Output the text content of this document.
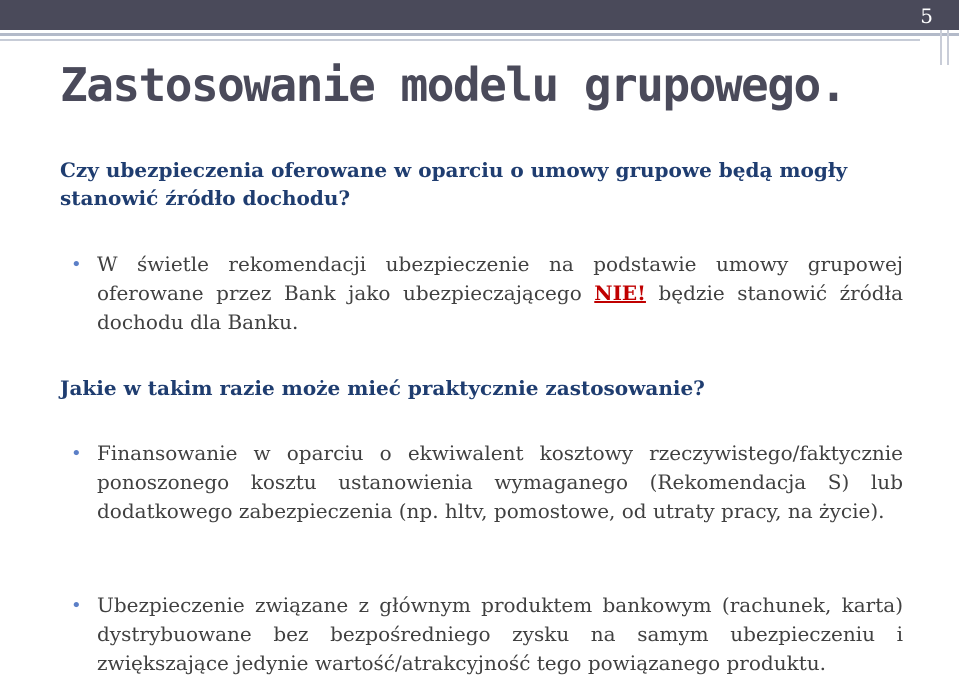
5
Zastosowanie modelu grupowego.

Czy ubezpieczenia oferowane w oparciu o umowy grupowe będą mogły stanowić źródło dochodu?

• W świetle rekomendacji ubezpieczenie na podstawie umowy grupowej oferowane przez Bank jako ubezpieczającego NIE! będzie stanowić źródła dochodu dla Banku.

Jakie w takim razie może mieć praktycznie zastosowanie?

• Finansowanie w oparciu o ekwiwalent kosztowy rzeczywistego/faktycznie ponoszonego kosztu ustanowienia wymaganego (Rekomendacja S) lub dodatkowego zabezpieczenia (np. hltv, pomostowe, od utraty pracy, na życie).

• Ubezpieczenie związane z głównym produktem bankowym (rachunek, karta) dystrybuowane bez bezpośredniego zysku na samym ubezpieczeniu i zwiększające jedynie wartość/atrakcyjność tego powiązanego produktu.
